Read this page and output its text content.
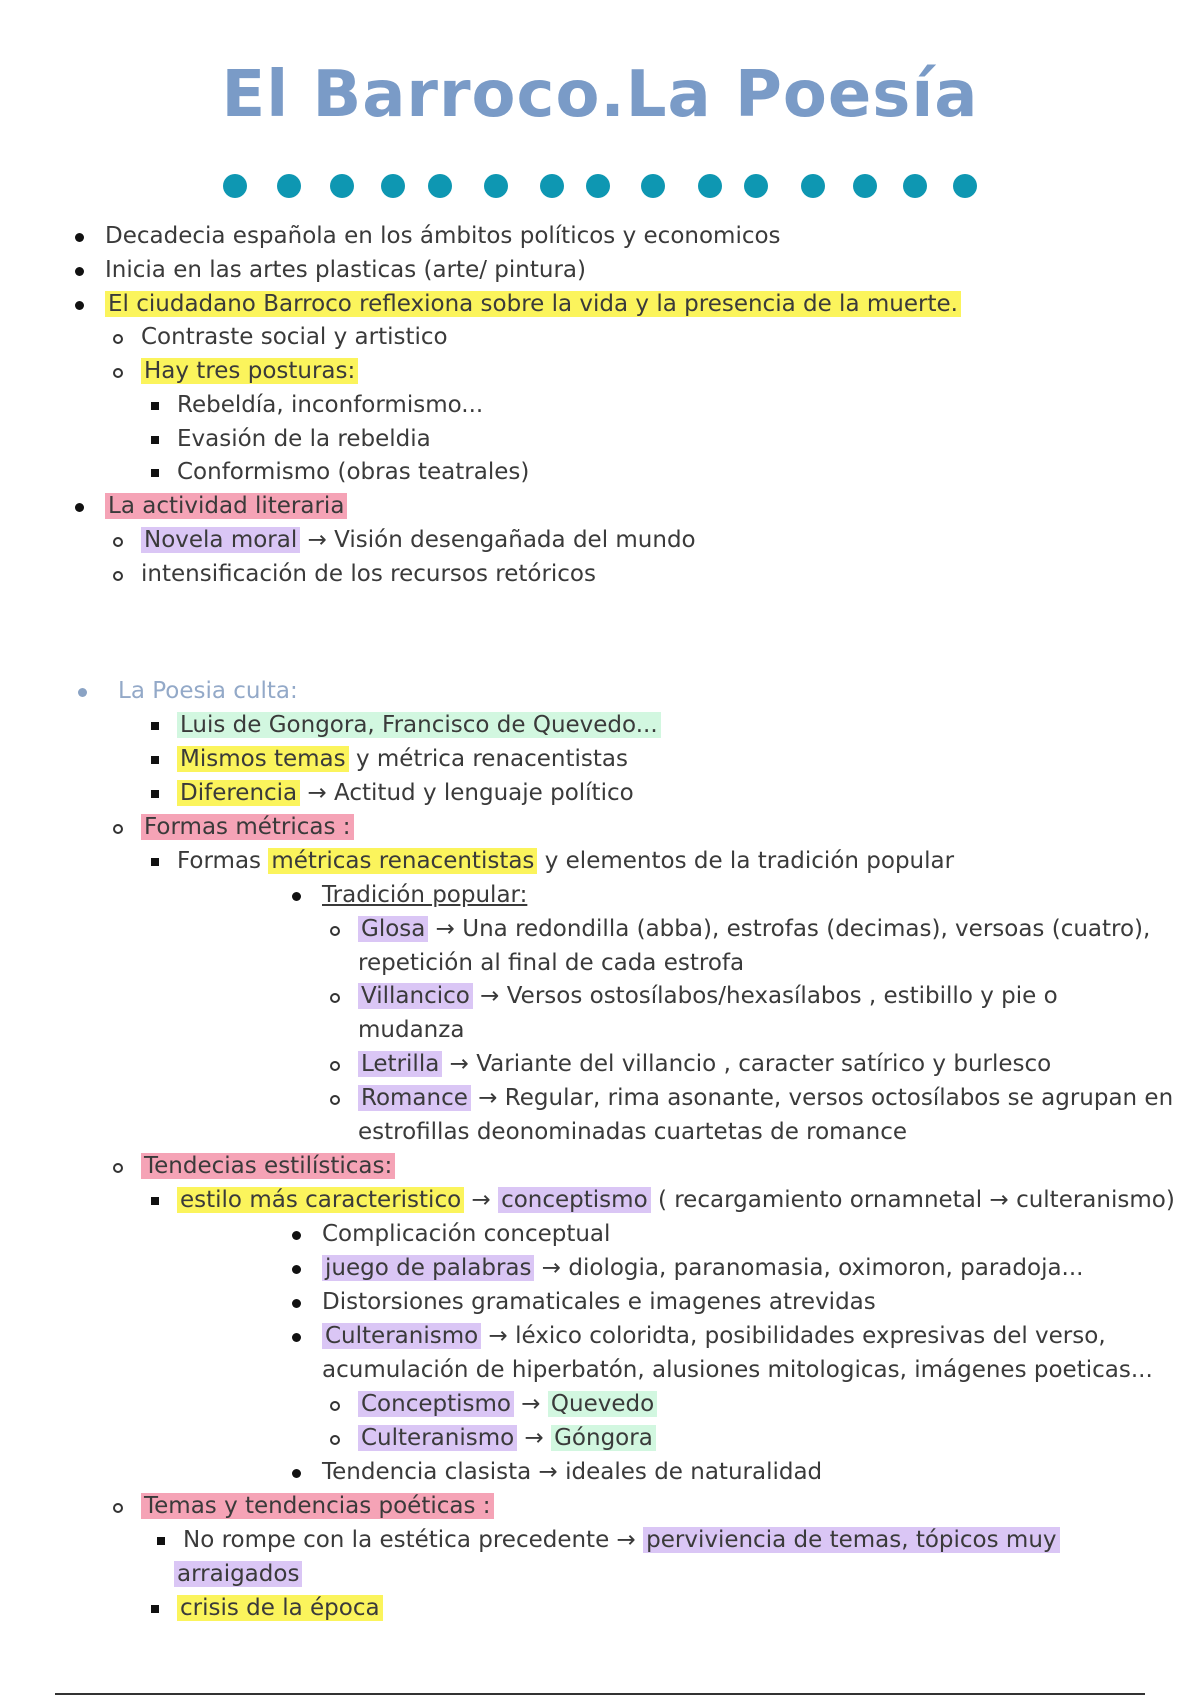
El Barroco.La Poesía
Decadecia española en los ámbitos políticos y economicos
Inicia en las artes plasticas (arte/ pintura)
El ciudadano Barroco reflexiona sobre la vida y la presencia de la muerte.
Contraste social y artistico
Hay tres posturas:
Rebeldía, inconformismo...
Evasión de la rebeldia
Conformismo (obras teatrales)
La actividad literaria
Novela moral → Visión desengañada del mundo
intensificación de los recursos retóricos
La Poesia culta:
Luis de Gongora, Francisco de Quevedo...
Mismos temas y métrica renacentistas
Diferencia → Actitud y lenguaje político
Formas métricas :
Formas métricas renacentistas y elementos de la tradición popular
Tradición popular:
Glosa → Una redondilla (abba), estrofas (decimas), versoas (cuatro),
repetición al final de cada estrofa
Villancico → Versos ostosílabos/hexasílabos , estibillo y pie o
mudanza
Letrilla → Variante del villancio , caracter satírico y burlesco
Romance → Regular, rima asonante, versos octosílabos se agrupan en
estrofillas deonominadas cuartetas de romance
Tendecias estilísticas:
estilo más caracteristico → conceptismo ( recargamiento ornamnetal → culteranismo)
Complicación conceptual
juego de palabras → diologia, paranomasia, oximoron, paradoja...
Distorsiones gramaticales e imagenes atrevidas
Culteranismo → léxico coloridta, posibilidades expresivas del verso,
acumulación de hiperbatón, alusiones mitologicas, imágenes poeticas...
Conceptismo → Quevedo
Culteranismo → Góngora
Tendencia clasista → ideales de naturalidad
Temas y tendencias poéticas :
No rompe con la estética precedente → perviviencia de temas, tópicos muy
arraigados
crisis de la época
